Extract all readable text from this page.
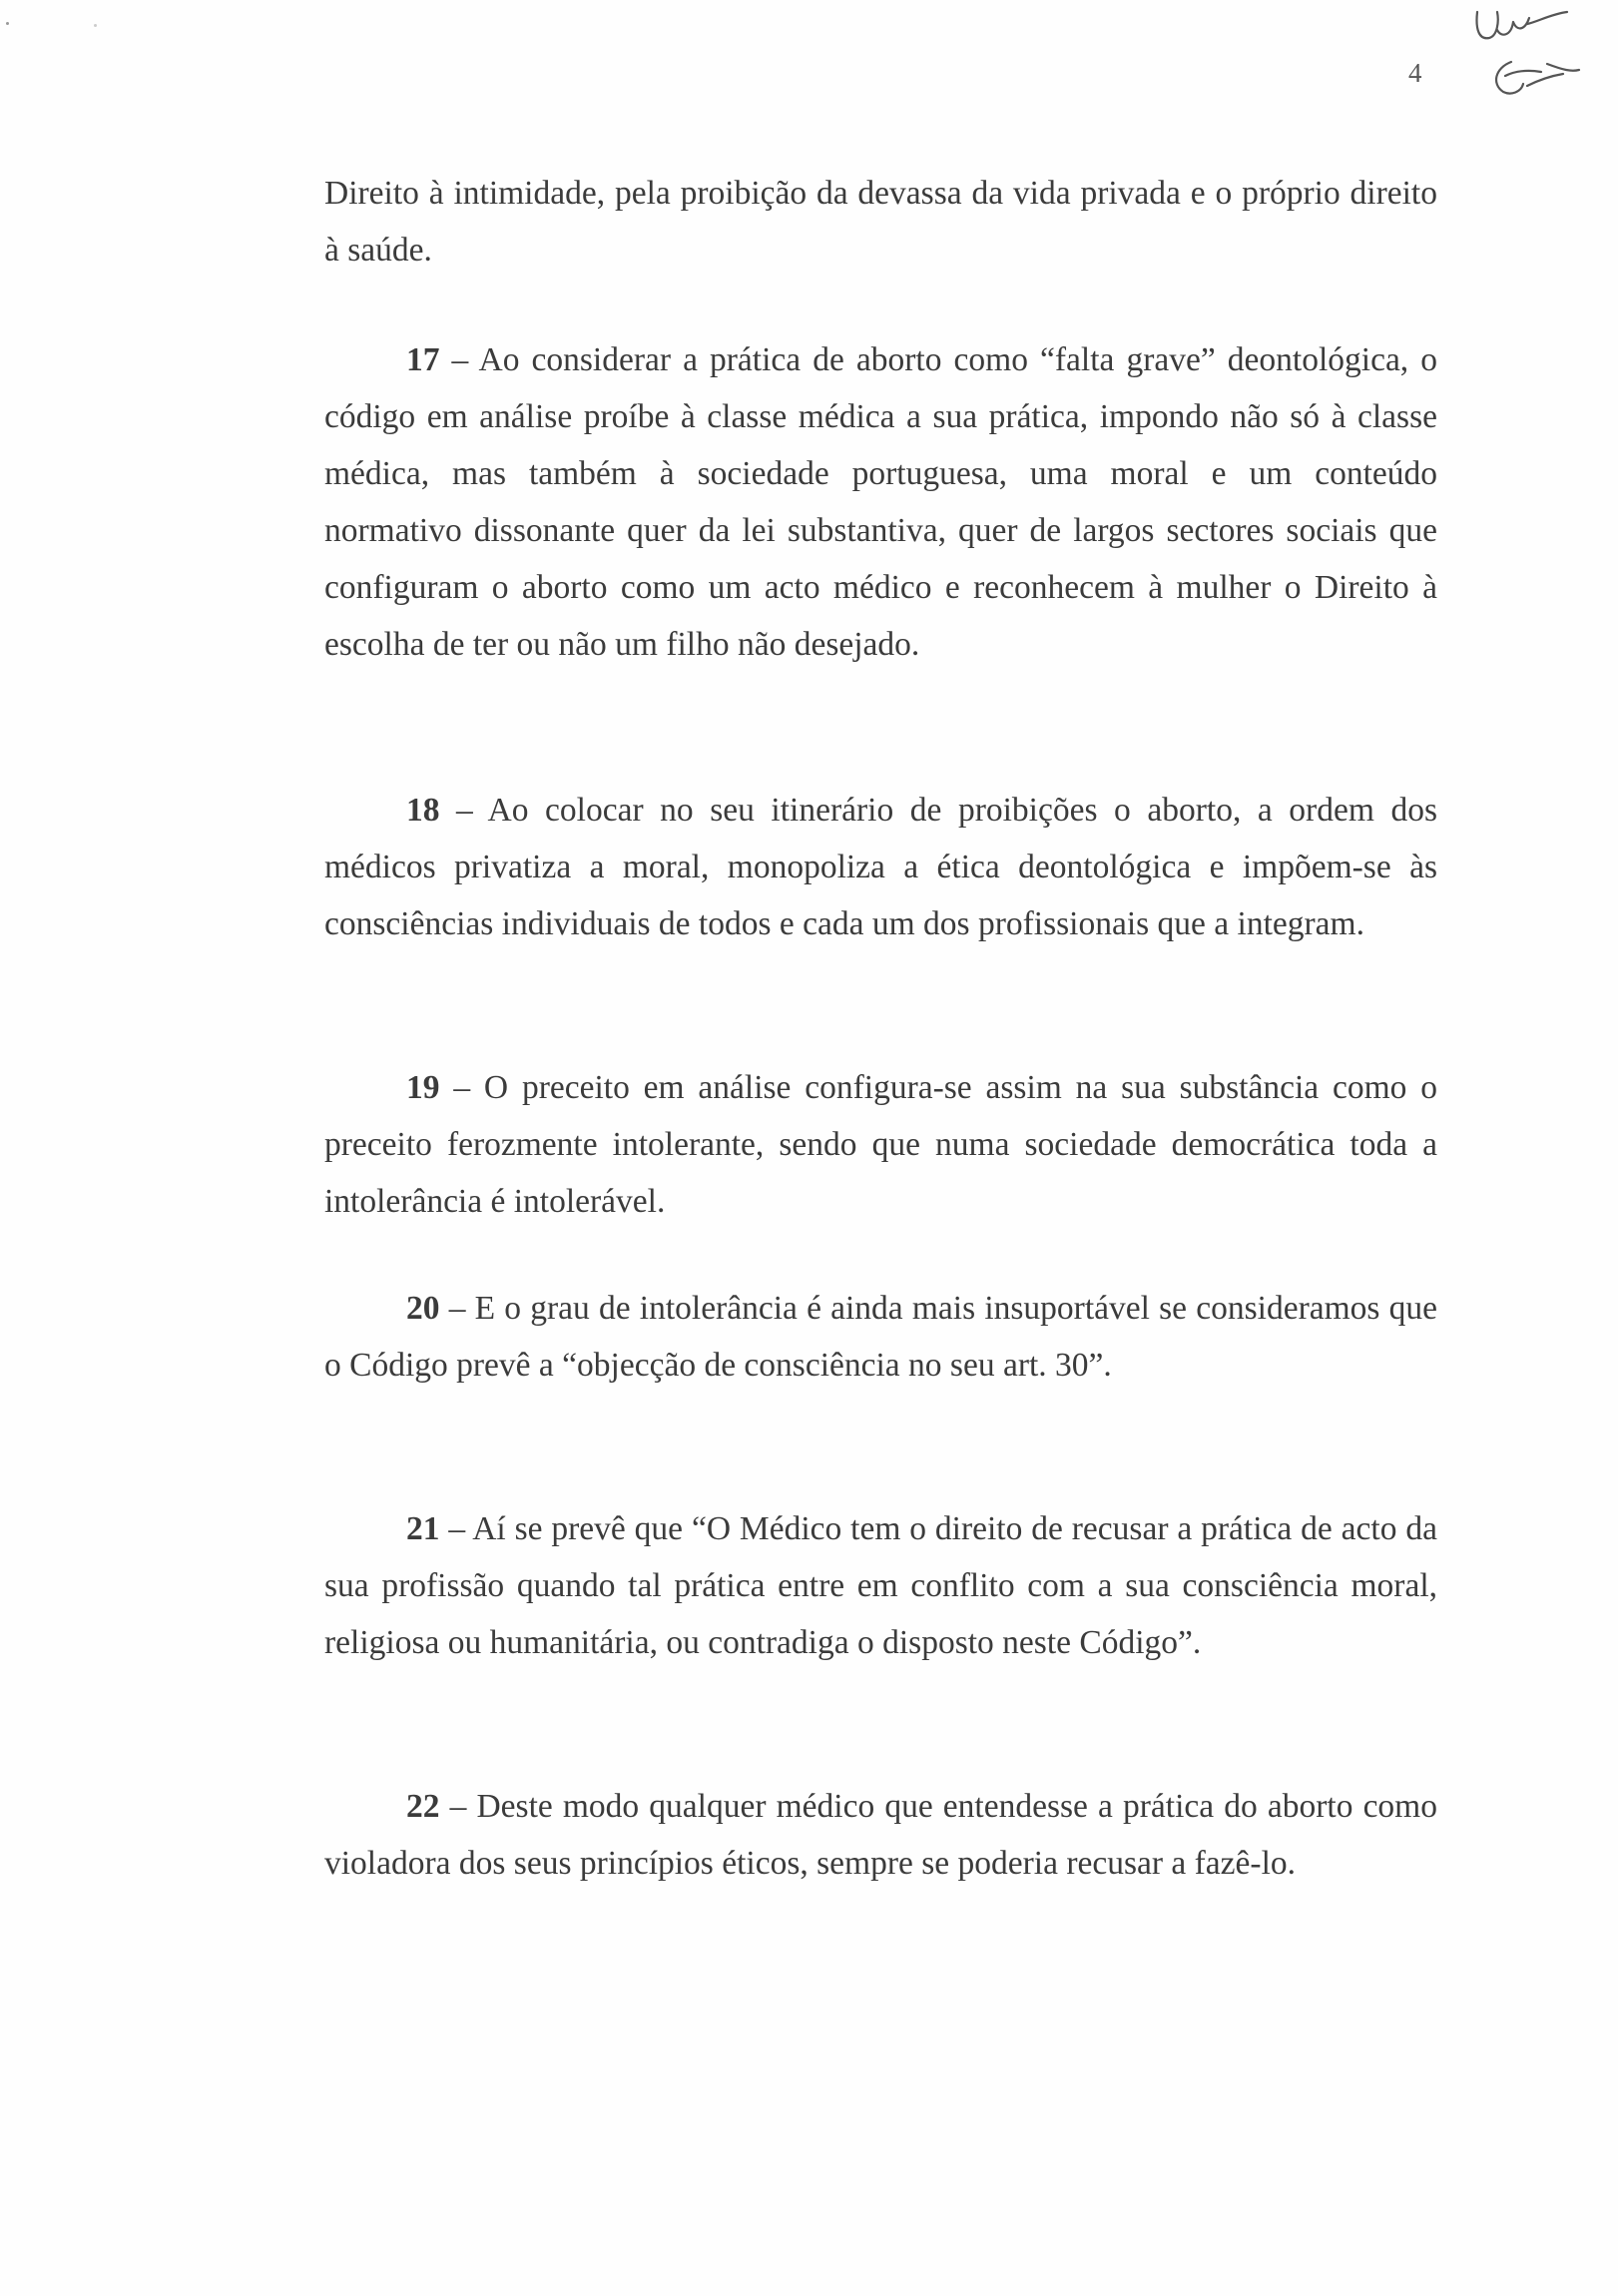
4

Direito à intimidade, pela proibição da devassa da vida privada e o próprio direito à saúde.

17 – Ao considerar a prática de aborto como “falta grave” deontológica, o código em análise proíbe à classe médica a sua prática, impondo não só à classe médica, mas também à sociedade portuguesa, uma moral e um conteúdo normativo dissonante quer da lei substantiva, quer de largos sectores sociais que configuram o aborto como um acto médico e reconhecem à mulher o Direito à escolha de ter ou não um filho não desejado.

18 – Ao colocar no seu itinerário de proibições o aborto, a ordem dos médicos privatiza a moral, monopoliza a ética deontológica e impõem-se às consciências individuais de todos e cada um dos profissionais que a integram.

19 – O preceito em análise configura-se assim na sua substância como o preceito ferozmente intolerante, sendo que numa sociedade democrática toda a intolerância é intolerável.

20 – E o grau de intolerância é ainda mais insuportável se consideramos que o Código prevê a “objecção de consciência no seu art. 30”.

21 – Aí se prevê que “O Médico tem o direito de recusar a prática de acto da sua profissão quando tal prática entre em conflito com a sua consciência moral, religiosa ou humanitária, ou contradiga o disposto neste Código”.

22 – Deste modo qualquer médico que entendesse a prática do aborto como violadora dos seus princípios éticos, sempre se poderia recusar a fazê-lo.
